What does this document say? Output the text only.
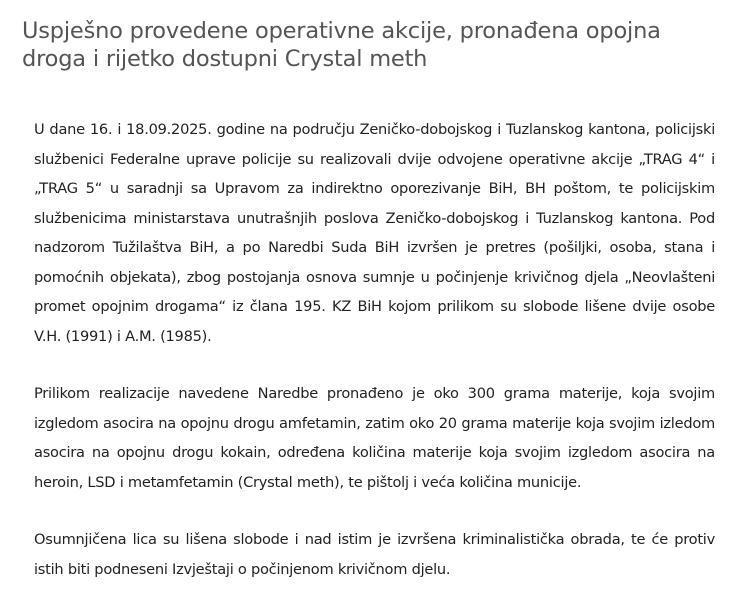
Uspješno provedene operativne akcije, pronađena opojna droga i rijetko dostupni Crystal meth

U dane 16. i 18.09.2025. godine na području Zeničko-dobojskog i Tuzlanskog kantona, policijski službenici Federalne uprave policije su realizovali dvije odvojene operativne akcije „TRAG 4“ i „TRAG 5“ u saradnji sa Upravom za indirektno oporezivanje BiH, BH poštom, te policijskim službenicima ministarstava unutrašnjih poslova Zeničko-dobojskog i Tuzlanskog kantona. Pod nadzorom Tužilaštva BiH, a po Naredbi Suda BiH izvršen je pretres (pošiljki, osoba, stana i pomoćnih objekata), zbog postojanja osnova sumnje u počinjenje krivičnog djela „Neovlašteni promet opojnim drogama“ iz člana 195. KZ BiH kojom prilikom su slobode lišene dvije osobe V.H. (1991) i A.M. (1985).

Prilikom realizacije navedene Naredbe pronađeno je oko 300 grama materije, koja svojim izgledom asocira na opojnu drogu amfetamin, zatim oko 20 grama materije koja svojim izledom asocira na opojnu drogu kokain, određena količina materije koja svojim izgledom asocira na heroin, LSD i metamfetamin (Crystal meth), te pištolj i veća količina municije.

Osumnjičena lica su lišena slobode i nad istim je izvršena kriminalistička obrada, te će protiv istih biti podneseni Izvještaji o počinjenom krivičnom djelu.
